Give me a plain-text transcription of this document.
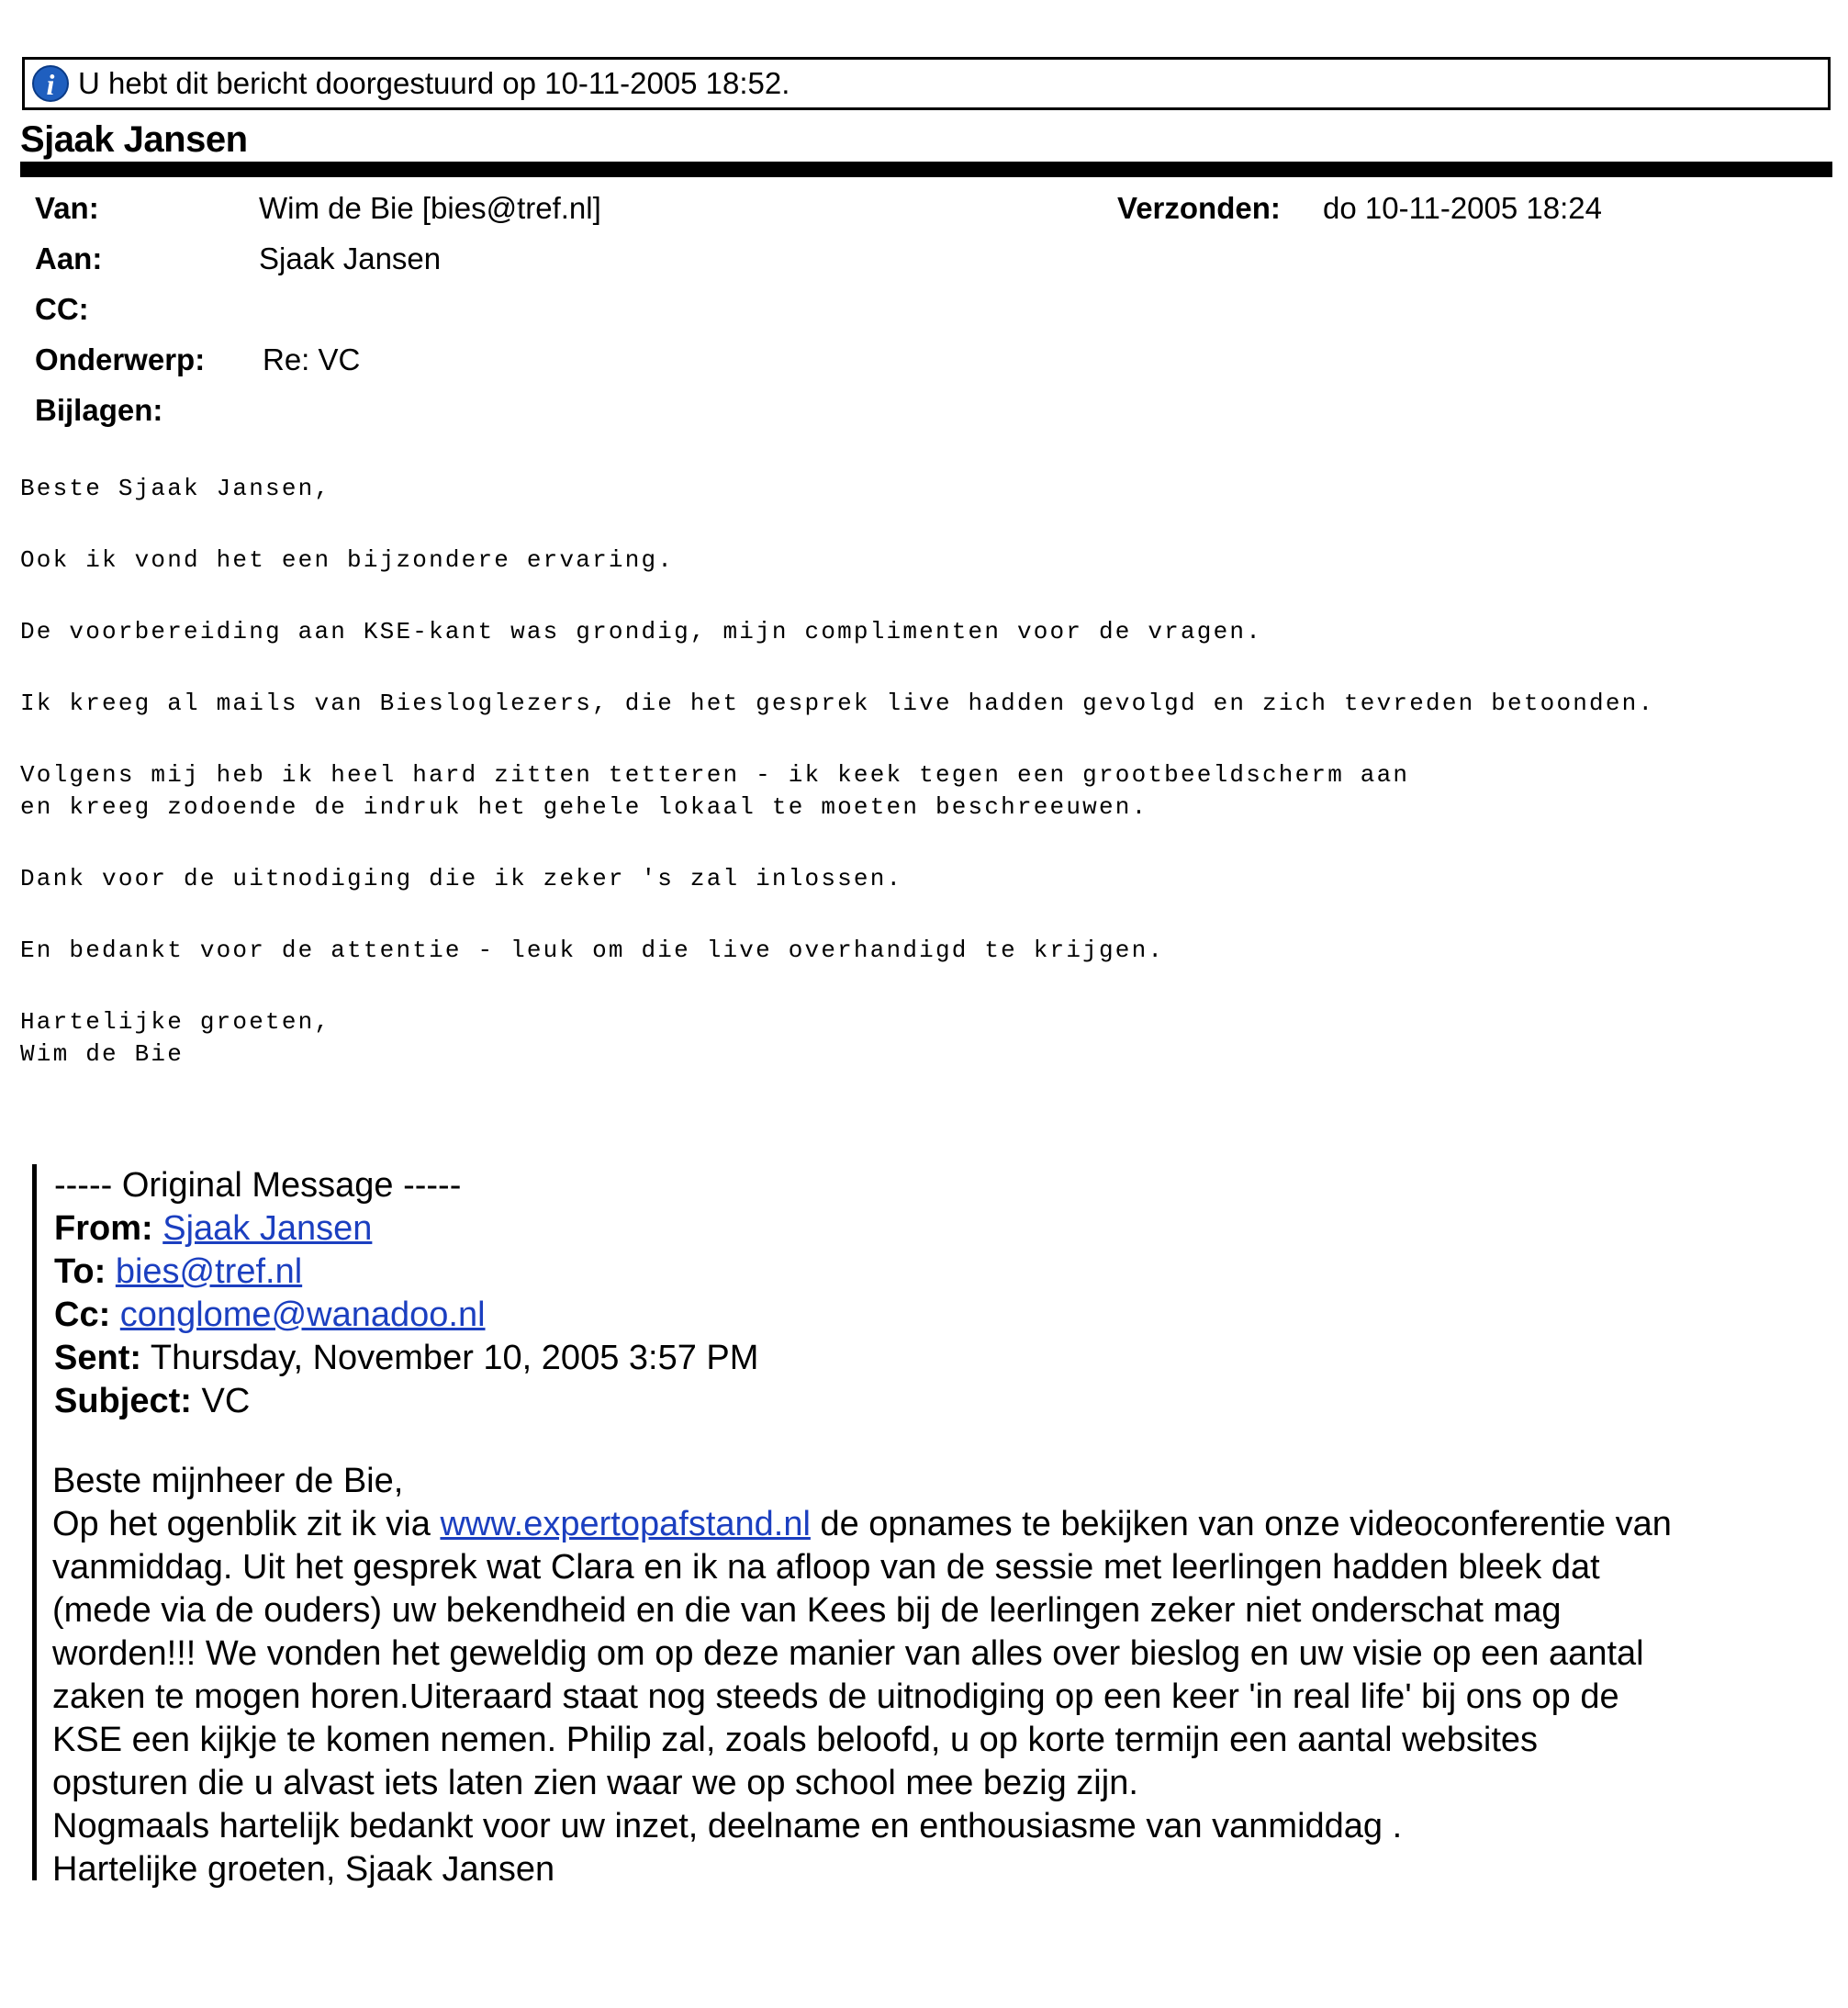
i U hebt dit bericht doorgestuurd op 10-11-2005 18:52.
Sjaak Jansen
Van:	Wim de Bie [bies@tref.nl]	Verzonden: do 10-11-2005 18:24
Aan:	Sjaak Jansen
CC:
Onderwerp: Re: VC
Bijlagen:
Beste Sjaak Jansen,
Ook ik vond het een bijzondere ervaring.
De voorbereiding aan KSE-kant was grondig, mijn complimenten voor de vragen.
Ik kreeg al mails van Biesloglezers, die het gesprek live hadden gevolgd en zich tevreden betoonden.
Volgens mij heb ik heel hard zitten tetteren - ik keek tegen een grootbeeldscherm aan
en kreeg zodoende de indruk het gehele lokaal te moeten beschreeuwen.
Dank voor de uitnodiging die ik zeker 's zal inlossen.
En bedankt voor de attentie - leuk om die live overhandigd te krijgen.
Hartelijke groeten,
Wim de Bie
----- Original Message -----
From: Sjaak Jansen
To: bies@tref.nl
Cc: conglome@wanadoo.nl
Sent: Thursday, November 10, 2005 3:57 PM
Subject: VC
Beste mijnheer de Bie,
Op het ogenblik zit ik via www.expertopafstand.nl de opnames te bekijken van onze videoconferentie van
vanmiddag. Uit het gesprek wat Clara en ik na afloop van de sessie met leerlingen hadden bleek dat
(mede via de ouders) uw bekendheid en die van Kees bij de leerlingen zeker niet onderschat mag
worden!!! We vonden het geweldig om op deze manier van alles over bieslog en uw visie op een aantal
zaken te mogen horen.Uiteraard staat nog steeds de uitnodiging op een keer 'in real life' bij ons op de
KSE een kijkje te komen nemen. Philip zal, zoals beloofd, u op korte termijn een aantal websites
opsturen die u alvast iets laten zien waar we op school mee bezig zijn.
Nogmaals hartelijk bedankt voor uw inzet, deelname en enthousiasme van vanmiddag .
Hartelijke groeten, Sjaak Jansen
